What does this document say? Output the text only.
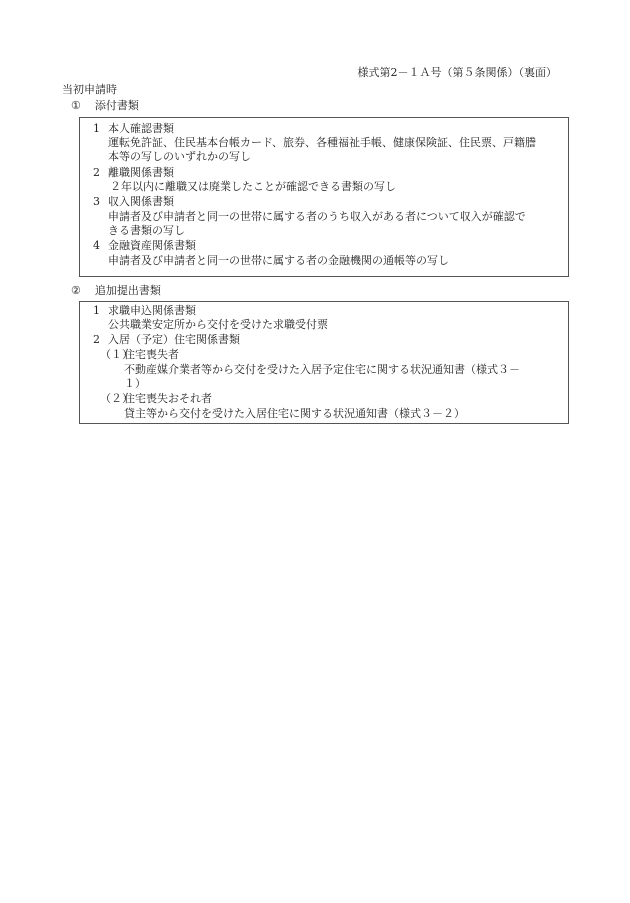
様式第2－１Ａ号（第５条関係）（裏面）
当初申請時
① 添付書類
1 本人確認書類
運転免許証、住民基本台帳カード、旅券、各種福祉手帳、健康保険証、住民票、戸籍謄
本等の写しのいずれかの写し
2 離職関係書類
２年以内に離職又は廃業したことが確認できる書類の写し
3 収入関係書類
申請者及び申請者と同一の世帯に属する者のうち収入がある者について収入が確認で
きる書類の写し
4 金融資産関係書類
申請者及び申請者と同一の世帯に属する者の金融機関の通帳等の写し
② 追加提出書類
1 求職申込関係書類
公共職業安定所から交付を受けた求職受付票
2 入居（予定）住宅関係書類
（１）
住宅喪失者
不動産媒介業者等から交付を受けた入居予定住宅に関する状況通知書（様式３－
１）
（２）
住宅喪失おそれ者
貸主等から交付を受けた入居住宅に関する状況通知書（様式３－２）
